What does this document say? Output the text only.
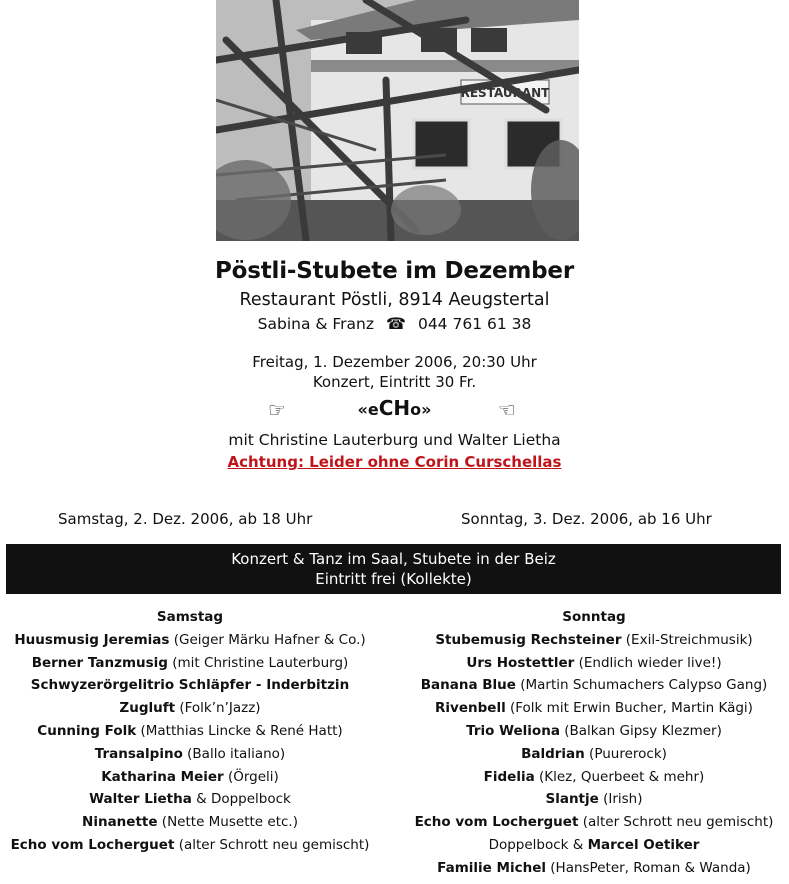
RESTAURANT
Pöstli-Stubete im Dezember
Restaurant Pöstli, 8914 Aeugstertal
Sabina & Franz ☎ 044 761 61 38
Freitag, 1. Dezember 2006, 20:30 Uhr
Konzert, Eintritt 30 Fr.
☞	«eCHo»	☜
mit Christine Lauterburg und Walter Lietha
Achtung: Leider ohne Corin Curschellas
Samstag, 2. Dez. 2006, ab 18 Uhr	Sonntag, 3. Dez. 2006, ab 16 Uhr
Konzert & Tanz im Saal, Stubete in der Beiz
Eintritt frei (Kollekte)
Samstag
Huusmusig Jeremias (Geiger Märku Hafner & Co.)
Berner Tanzmusig (mit Christine Lauterburg)
Schwyzerörgelitrio Schläpfer - Inderbitzin
Zugluft (Folk’n’Jazz)
Cunning Folk (Matthias Lincke & René Hatt)
Transalpino (Ballo italiano)
Katharina Meier (Örgeli)
Walter Lietha & Doppelbock
Ninanette (Nette Musette etc.)
Echo vom Locherguet (alter Schrott neu gemischt)
Sonntag
Stubemusig Rechsteiner (Exil-Streichmusik)
Urs Hostettler (Endlich wieder live!)
Banana Blue (Martin Schumachers Calypso Gang)
Rivenbell (Folk mit Erwin Bucher, Martin Kägi)
Trio Weliona (Balkan Gipsy Klezmer)
Baldrian (Puurerock)
Fidelia (Klez, Querbeet & mehr)
Slantje (Irish)
Echo vom Locherguet (alter Schrott neu gemischt)
Doppelbock & Marcel Oetiker
Familie Michel (HansPeter, Roman & Wanda)
